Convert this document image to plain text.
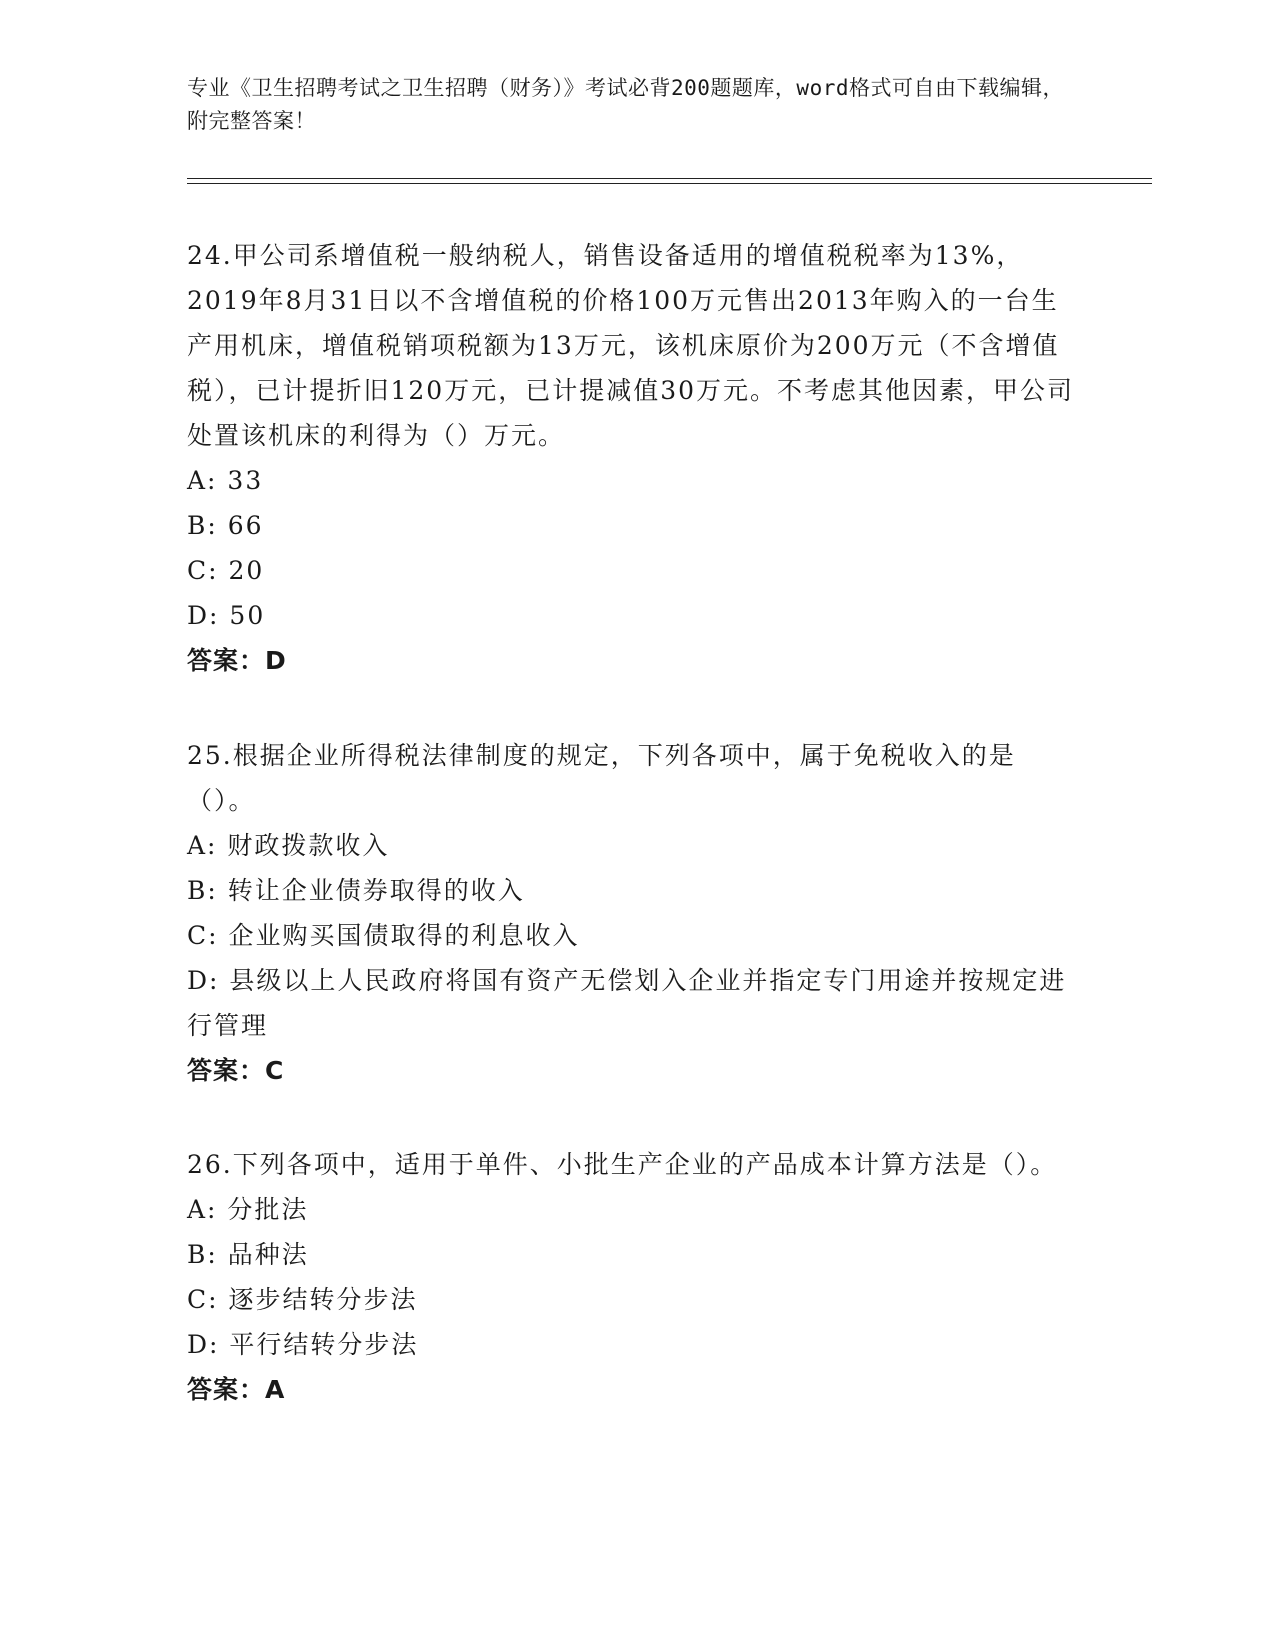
专业《卫生招聘考试之卫生招聘（财务）》考试必背200题题库，word格式可自由下载编辑，附完整答案！

24.甲公司系增值税一般纳税人，销售设备适用的增值税税率为13%，2019年8月31日以不含增值税的价格100万元售出2013年购入的一台生产用机床，增值税销项税额为13万元，该机床原价为200万元（不含增值税），已计提折旧120万元，已计提减值30万元。不考虑其他因素，甲公司处置该机床的利得为（）万元。

A: 33

B: 66

C: 20

D: 50

答案：D

25.根据企业所得税法律制度的规定，下列各项中，属于免税收入的是（）。

A: 财政拨款收入

B: 转让企业债券取得的收入

C: 企业购买国债取得的利息收入

D: 县级以上人民政府将国有资产无偿划入企业并指定专门用途并按规定进行管理

答案：C

26.下列各项中，适用于单件、小批生产企业的产品成本计算方法是（）。

A: 分批法

B: 品种法

C: 逐步结转分步法

D: 平行结转分步法

答案：A
